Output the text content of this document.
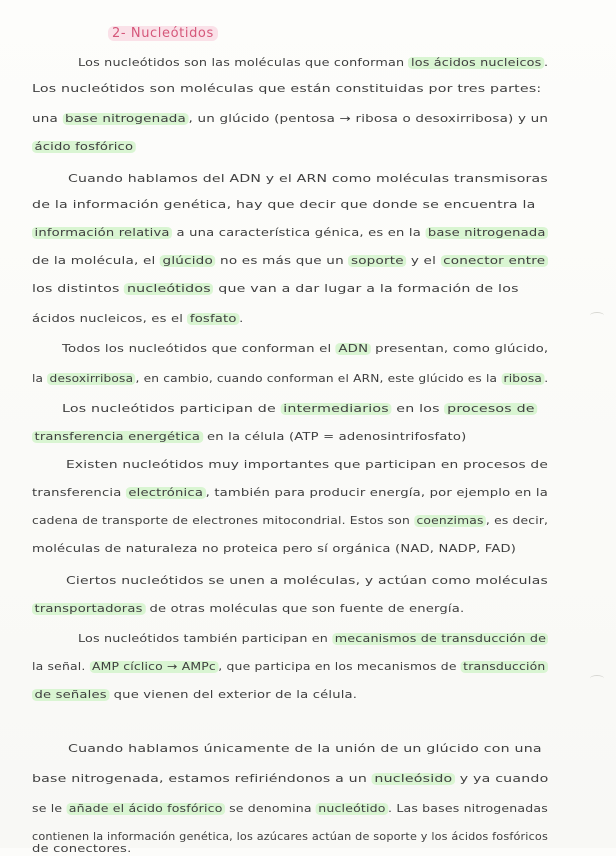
2- Nucleótidos
Los nucleótidos son las moléculas que conforman los ácidos nucleicos .
Los nucleótidos son moléculas que están constituidas por tres partes:
una base nitrogenada , un glúcido (pentosa → ribosa o desoxirribosa) y un
ácido fosfórico
Cuando hablamos del ADN y el ARN como moléculas transmisoras
de la información genética, hay que decir que donde se encuentra la
información relativa a una característica génica, es en la base nitrogenada
de la molécula, el glúcido no es más que un soporte y el conector entre
los distintos nucleótidos que van a dar lugar a la formación de los
ácidos nucleicos, es el fosfato .
Todos los nucleótidos que conforman el ADN presentan, como glúcido,
la desoxirribosa , en cambio, cuando conforman el ARN, este glúcido es la ribosa .
Los nucleótidos participan de intermediarios en los procesos de
transferencia energética en la célula (ATP = adenosintrifosfato)
Existen nucleótidos muy importantes que participan en procesos de
transferencia electrónica , también para producir energía, por ejemplo en la
cadena de transporte de electrones mitocondrial. Estos son coenzimas , es decir,
moléculas de naturaleza no proteica pero sí orgánica (NAD, NADP, FAD)
Ciertos nucleótidos se unen a moléculas, y actúan como moléculas
transportadoras de otras moléculas que son fuente de energía.
Los nucleótidos también participan en mecanismos de transducción de
la señal. AMP cíclico → AMPc , que participa en los mecanismos de transducción
de señales que vienen del exterior de la célula.
Cuando hablamos únicamente de la unión de un glúcido con una
base nitrogenada, estamos refiriéndonos a un nucleósido y ya cuando
se le añade el ácido fosfórico se denomina nucleótido . Las bases nitrogenadas
contienen la información genética, los azúcares actúan de soporte y los ácidos fosfóricos
de conectores.
